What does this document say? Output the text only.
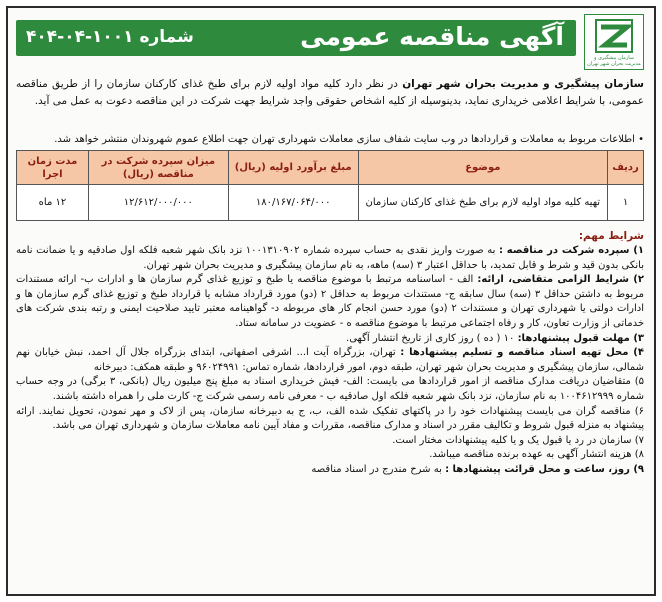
سازمان پیشگیری و مدیریت بحران شهر تهران
آگهی مناقصه عمومی
شماره ۱۰۰۱-۰۴-۴۰۴
سازمان پیشگیری و مدیریت بحران شهر تهران در نظر دارد کلیه مواد اولیه لازم برای طبخ غذای کارکنان سازمان را از طریق مناقصه عمومی، با شرایط اعلامی خریداری نماید، بدینوسیله از کلیه اشخاص حقوقی واجد شرایط جهت شرکت در این مناقصه دعوت به عمل می آید.
• اطلاعات مربوط به معاملات و قراردادها در وب سایت شفاف سازی معاملات شهرداری تهران جهت اطلاع عموم شهروندان منتشر خواهد شد.
ردیف	موضوع	مبلغ برآورد اولیه (ریال)	میزان سپرده شرکت در مناقصه (ریال)	مدت زمان اجرا
۱	تهیه کلیه مواد اولیه لازم برای طبخ غذای کارکنان سازمان	۱۸۰/۱۶۷/۰۶۴/۰۰۰	۱۲/۶۱۲/۰۰۰/۰۰۰	۱۲ ماه
شرایط مهم:

۱) سپرده شرکت در مناقصه : به صورت واریز نقدی به حساب سپرده شماره ۱۰۰۱۳۱۰۹۰۲ نزد بانک شهر شعبه فلکه اول صادقیه و یا ضمانت نامه بانکی بدون قید و شرط و قابل تمدید، با حداقل اعتبار ۳ (سه) ماهه، به نام سازمان پیشگیری و مدیریت بحران شهر تهران.

۲) شرایط الزامی متقاضی، ارائه: الف - اساسنامه مرتبط با موضوع مناقصه یا طبخ و توزیع غذای گرم سازمان ها و ادارات ب- ارائه مستندات مربوط به داشتن حداقل ۳ (سه) سال سابقه ج- مستندات مربوط به حداقل ۲ (دو) مورد قرارداد مشابه یا قرارداد طبخ و توزیع غذای گرم سازمان ها و ادارات دولتی یا شهرداری تهران و مستندات ۲ (دو) مورد حسن انجام کار های مربوطه د- گواهینامه معتبر تایید صلاحیت ایمنی و رتبه بندی شرکت های خدماتی از وزارت تعاون، کار و رفاه اجتماعی مرتبط با موضوع مناقصه ه - عضویت در سامانه ستاد.

۳) مهلت قبول پیشنهادها: ۱۰ ( ده ) روز کاری از تاریخ انتشار آگهی.

۴) محل تهیه اسناد مناقصه و تسلیم پیشنهادها : تهران، بزرگراه آیت ا... اشرفی اصفهانی، ابتدای بزرگراه جلال آل احمد، نبش خیابان نهم شمالی، سازمان پیشگیری و مدیریت بحران شهر تهران، طبقه دوم، امور قراردادها، شماره تماس: ۹۶۰۲۴۹۹۱ و طبقه همکف: دبیرخانه

۵) متقاضیان دریافت مدارک مناقصه از امور قراردادها می بایست: الف- فیش خریداری اسناد به مبلغ پنج میلیون ریال (بانکی، ۳ برگی) در وجه حساب شماره ۱۰۰۴۶۱۲۹۹۹ به نام سازمان، نزد بانک شهر شعبه فلکه اول صادقیه ب - معرفی نامه رسمی شرکت ج- کارت ملی را همراه داشته باشند.

۶) مناقصه گران می بایست پیشنهادات خود را در پاکتهای تفکیک شده الف، ب، ج به دبیرخانه سازمان، پس از لاک و مهر نمودن، تحویل نمایند. ارائه پیشنهاد به منزله قبول شروط و تکالیف مقرر در اسناد و مدارک مناقصه، مقررات و مفاد آیین نامه معاملات سازمان و شهرداری تهران می باشد.

۷) سازمان در رد یا قبول یک و یا کلیه پیشنهادات مختار است.

۸) هزینه انتشار آگهی به عهده برنده مناقصه میباشد.

۹) روز، ساعت و محل قرائت پیشنهادها : به شرح مندرج در اسناد مناقصه
